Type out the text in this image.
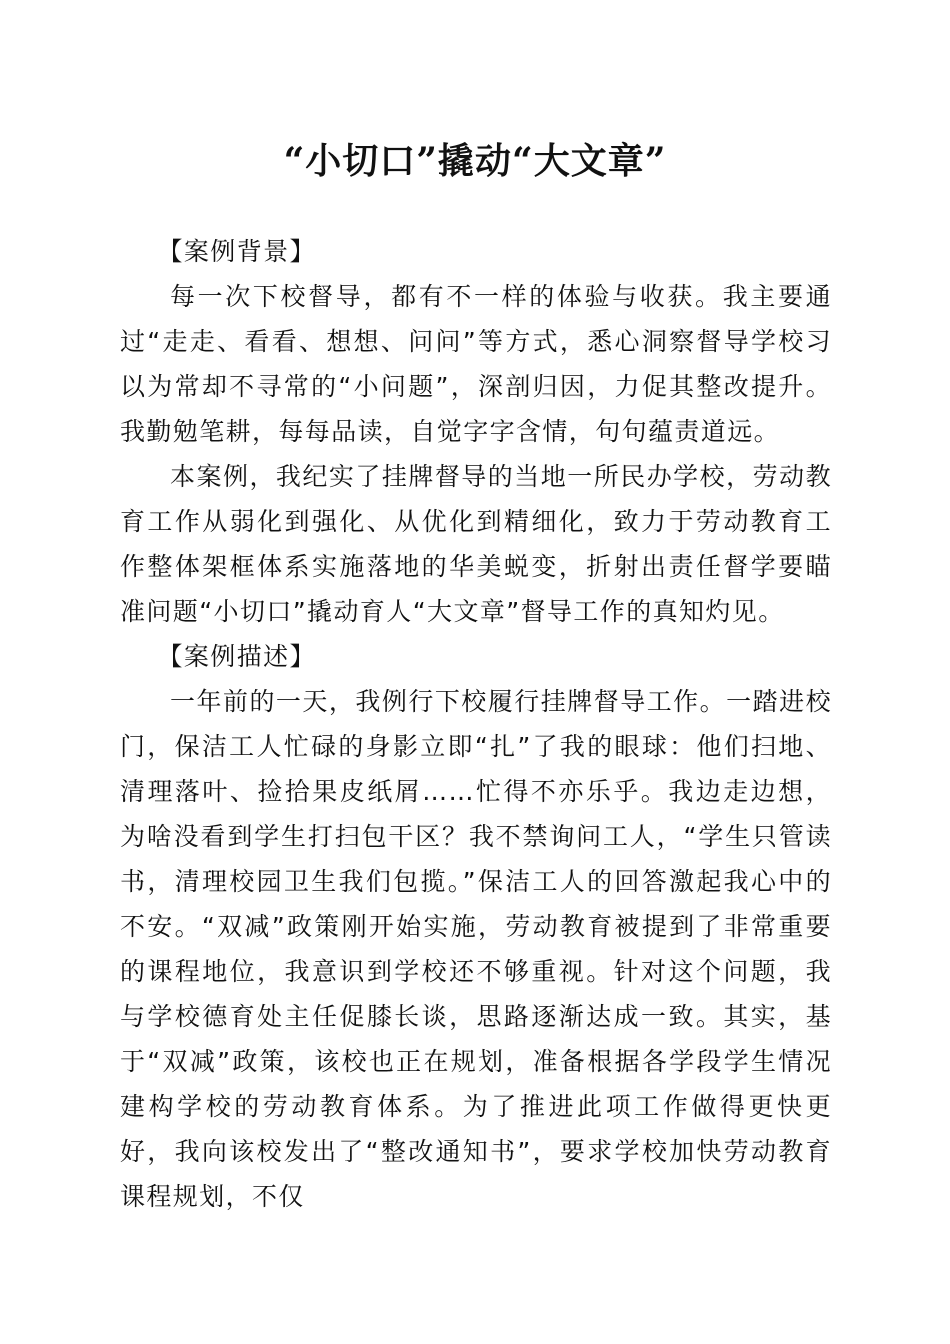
“小切口”撬动“大文章”

【案例背景】

每一次下校督导，都有不一样的体验与收获。我主要通过“走走、看看、想想、问问”等方式，悉心洞察督导学校习以为常却不寻常的“小问题”，深剖归因，力促其整改提升。我勤勉笔耕，每每品读，自觉字字含情，句句蕴责道远。

本案例，我纪实了挂牌督导的当地一所民办学校，劳动教育工作从弱化到强化、从优化到精细化，致力于劳动教育工作整体架框体系实施落地的华美蜕变，折射出责任督学要瞄准问题“小切口”撬动育人“大文章”督导工作的真知灼见。

【案例描述】

一年前的一天，我例行下校履行挂牌督导工作。一踏进校门，保洁工人忙碌的身影立即“扎”了我的眼球：他们扫地、清理落叶、捡拾果皮纸屑……忙得不亦乐乎。我边走边想，为啥没看到学生打扫包干区？我不禁询问工人，“学生只管读书，清理校园卫生我们包揽。”保洁工人的回答激起我心中的不安。“双减”政策刚开始实施，劳动教育被提到了非常重要的课程地位，我意识到学校还不够重视。针对这个问题，我与学校德育处主任促膝长谈，思路逐渐达成一致。其实，基于“双减”政策，该校也正在规划，准备根据各学段学生情况建构学校的劳动教育体系。为了推进此项工作做得更快更好，我向该校发出了“整改通知书”，要求学校加快劳动教育课程规划，不仅
